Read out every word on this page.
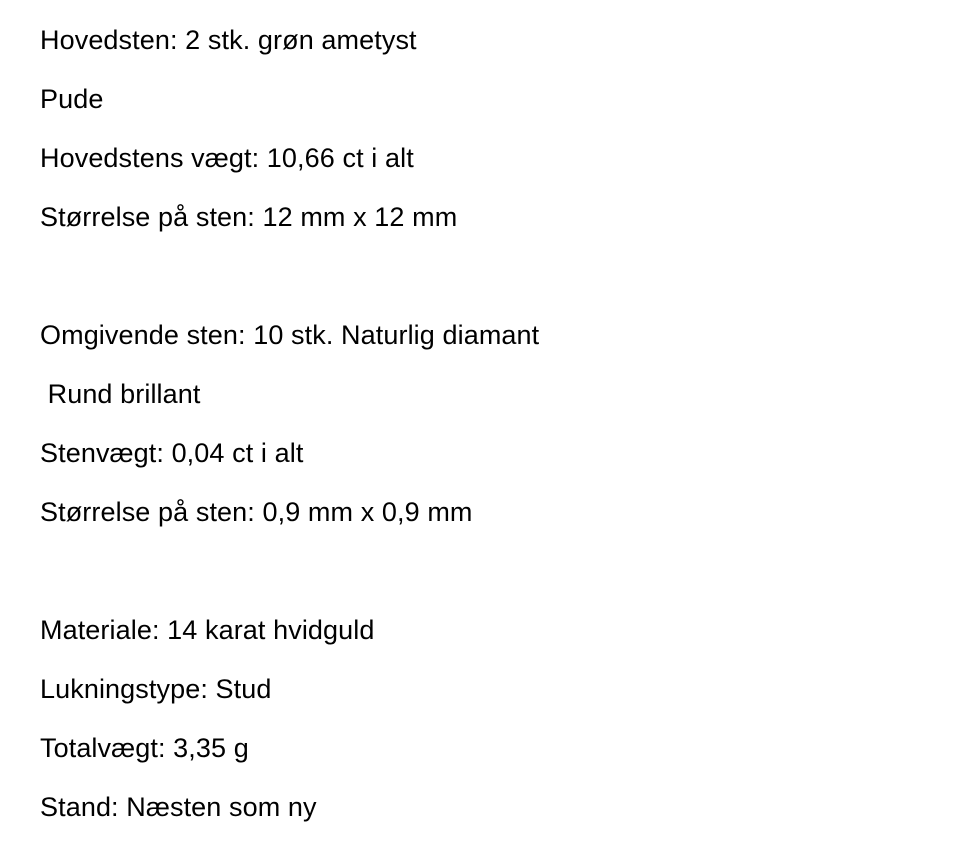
Hovedsten: 2 stk. grøn ametyst
Pude
Hovedstens vægt: 10,66 ct i alt
Størrelse på sten: 12 mm x 12 mm
Omgivende sten: 10 stk. Naturlig diamant
Rund brillant
Stenvægt: 0,04 ct i alt
Størrelse på sten: 0,9 mm x 0,9 mm
Materiale: 14 karat hvidguld
Lukningstype: Stud
Totalvægt: 3,35 g
Stand: Næsten som ny
